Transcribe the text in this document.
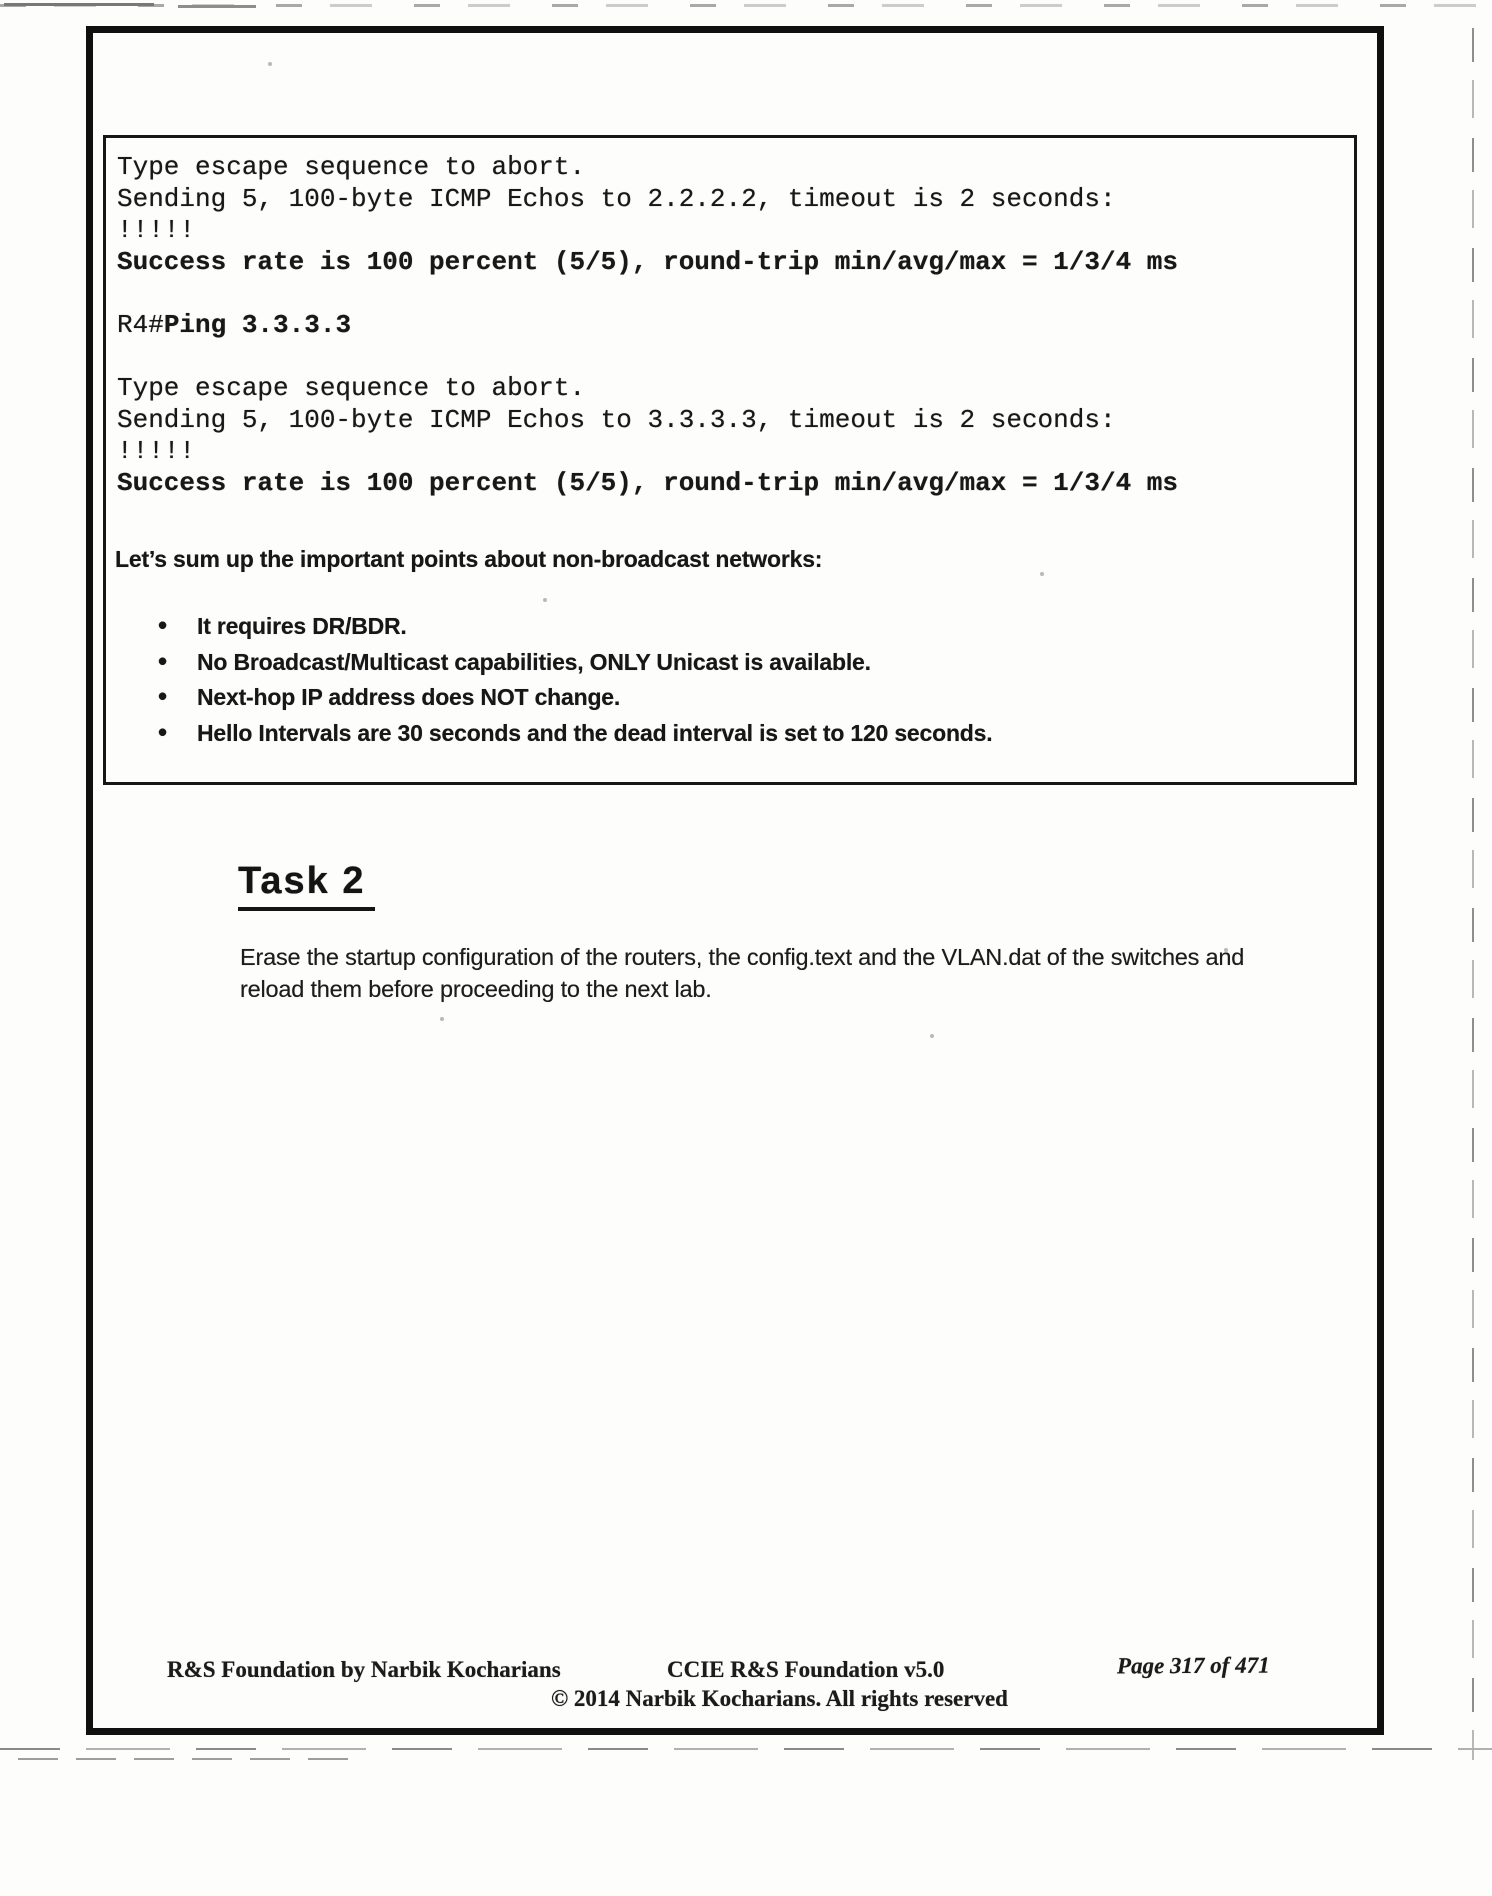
Type escape sequence to abort.
Sending 5, 100-byte ICMP Echos to 2.2.2.2, timeout is 2 seconds:
!!!!!
Success rate is 100 percent (5/5), round-trip min/avg/max = 1/3/4 ms

R4#Ping 3.3.3.3

Type escape sequence to abort.
Sending 5, 100-byte ICMP Echos to 3.3.3.3, timeout is 2 seconds:
!!!!!
Success rate is 100 percent (5/5), round-trip min/avg/max = 1/3/4 ms
Let’s sum up the important points about non-broadcast networks:
• It requires DR/BDR.
• No Broadcast/Multicast capabilities, ONLY Unicast is available.
• Next-hop IP address does NOT change.
• Hello Intervals are 30 seconds and the dead interval is set to 120 seconds.
Task 2
Erase the startup configuration of the routers, the config.text and the VLAN.dat of the switches and reload them before proceeding to the next lab.
R&S Foundation by Narbik Kocharians	CCIE R&S Foundation v5.0	Page 317 of 471
© 2014 Narbik Kocharians. All rights reserved
